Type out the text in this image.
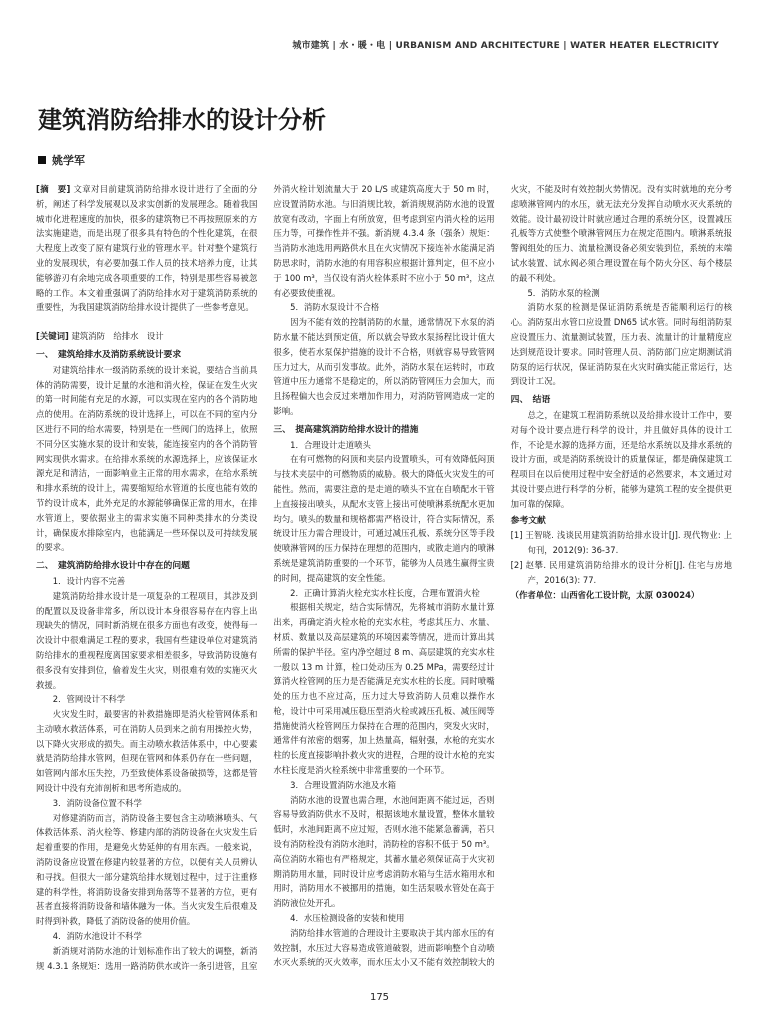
城市建筑 | 水・暖・电 | URBANISM AND ARCHITECTURE | WATER HEATER ELECTRICITY
建筑消防给排水的设计分析
姚学军

[摘　要] 文章对目前建筑消防给排水设计进行了全面的分析，阐述了科学发展观以及求实创新的发展理念。随着我国城市化进程速度的加快，很多的建筑物已不再按照原来的方法实施建造，而是出现了很多具有特色的个性化建筑，在很大程度上改变了原有建筑行业的管理水平。针对整个建筑行业的发展现状，有必要加强工作人员的技术培养力度，让其能够游刃有余地完成各项重要的工作，特别是那些容易被忽略的工作。本文着重强调了消防给排水对于建筑消防系统的重要性，为我国建筑消防给排水设计提供了一些参考意见。

[关键词] 建筑消防　给排水　设计

一、　建筑给排水及消防系统设计要求

对建筑给排水一级消防系统的设计来说，要结合当前具体的消防需要，设计足量的水池和消火栓，保证在发生火灾的第一时间能有充足的水源，可以实现在室内的各个消防地点的使用。在消防系统的设计选择上，可以在不同的室内分区进行不同的给水需要，特别是在一些阀门的选择上，依照不同分区实施水泵的设计和安装，能连接室内的各个消防管网实现供水需求。在给排水系统的水源选择上，应该保证水源充足和清洁，一面影响业主正常的用水需求，在给水系统和排水系统的设计上，需要缩短给水管道的长度也能有效的节约设计成本，此外充足的水源能够确保正常的用水，在排水管道上，要依据业主的需求实施不同种类排水的分类设计，确保废水排除室内，也能满足一些环保以及可持续发展的要求。

二、　建筑消防给排水设计中存在的问题
1．设计内容不完善

建筑消防给排水设计是一项复杂的工程项目，其涉及到的配置以及设备非常多，所以设计本身很容易存在内容上出现缺失的情况，同时新消规在很多方面也有改变，使得每一次设计中很难满足工程的要求，我国有些建设单位对建筑消防给排水的重视程度离国家要求相差很多，导致消防设施有很多没有安排到位，偷着发生火灾，则很难有效的实施灭火救援。

2．管网设计不科学

火灾发生时，最要害的补救措施即是消火栓管网体系和主动喷水救活体系，可在消防人员到来之前有用操控火势，以下降火灾形成的损失。而主动喷水救活体系中，中心要素就是消防给排水管网，但现在管网和体系仍存在一些问题，如管网内部水压失控，乃至致使体系设备破损等，这都是管网设计中没有充沛剖析和思考所造成的。

3．消防设备位置不科学

对修建消防而言，消防设备主要包含主动喷淋喷头、气体救活体系、消火栓等、修建内部的消防设备在火灾发生后起着重要的作用，是避免火势延伸的有用东西。一般来说，消防设备应设置在修建内较显著的方位，以便有关人员辨认和寻找。但很大一部分建筑给排水规划过程中，过于注重修建的科学性，将消防设备安排到角落等不显著的方位，更有甚者直接将消防设备和墙体融为一体。当火灾发生后很难及时得到补救，降低了消防设备的使用价值。

4．消防水池设计不科学

新消规对消防水池的计划标准作出了较大的调整，新消规 4.3.1 条规矩：选用一路消防供水或许一条引进管，且室外消火栓计划流量大于 20 L/S 或建筑高度大于 50 m 时，应设置消防水池。与旧消规比较，新消规规消防水池的设置放宽有改动，字面上有所放宽，但考虑到室内消火栓的运用压力等，可操作性并不强。新消规 4.3.4 条（强条）规矩：当消防水池选用两路供水且在火灾情况下接连补水能满足消防思求时，消防水池的有用容积应根据计算判定，但不应小于 100 m³，当仅设有消火栓体系时不应小于 50 m³，这点有必要致使重视。

5．消防水泵设计不合格

因为不能有效的控制消防的水量，通常情况下水泵的消防水量不能达到预定值，所以就会导致水泵扬程比设计值大很多，使若水泵保护措施的设计不合格，则就容易导致管网压力过大，从而引发事故。此外，消防水泵在运转时，市政管道中压力通常不是稳定的，所以消防管网压力会加大，而且扬程偏大也会反过来增加作用力，对消防管网造成一定的影响。

三、　提高建筑消防给排水设计的措施
1．合理设计走道喷头

在有可燃物的闷顶和夹层内设置喷头，可有效降低闷顶与技术夹层中的可燃物质的威胁。极大的降低火灾发生的可能性。然而，需要注意的是走道的喷头不宜在自喷配水干管上直接接出喷头，从配水支管上接出可使喷淋系统配水更加均匀。喷头的数量和规格都需严格设计，符合实际情况，系统设计压力需合理设计，可通过减压孔板、系统分区等手段使喷淋管网的压力保持在理想的范围内，或散走道内的喷淋系统是建筑消防重要的一个环节，能够为人员逃生赢得宝贵的时间，提高建筑的安全性能。

2．正确计算消火栓充实水柱长度，合理布置消火栓

根据相关规定，结合实际情况，先将城市消防水量计算出来，再确定消火栓水枪的充实水柱，考虑其压力、水量、材质、数量以及高层建筑的环境因素等情况，进而计算出其所需的保护半径。室内净空超过 8 m、高层建筑的充实水柱一般以 13 m 计算，栓口处动压为 0.25 MPa，需要经过计算消火栓管网的压力是否能满足充实水柱的长度。同时喷嘴处的压力也不应过高，压力过大导致消防人员难以操作水枪，设计中可采用减压稳压型消火栓或减压孔板、减压阀等措施使消火栓管网压力保持在合理的范围内，突发火灾时，通常伴有浓密的烟雾，加上热量高，辐射强，水枪的充实水柱的长度直接影响扑救火灾的进程，合理的设计水枪的充实水柱长度是消火栓系统中非常重要的一个环节。

3．合理设置消防水池及水箱

消防水池的设置也需合理，水池间距离不能过远，否则容易导致消防供水不及时，根据该地水量设置，整体水量较低时，水池间距离不应过短，否则水池不能紧急蓄满，若只设有消防栓没有消防水池时，消防栓的容积不低于 50 m³。高位消防水箱也有严格规定，其蓄水量必须保证高于火灾初期消防用水量，同时设计应考虑消防水箱与生活水箱用水和用时，消防用水不被挪用的措施，如生活泵吸水管处在高于消防液位处开孔。

4．水压检测设备的安装和使用

消防给排水管道的合理设计主要取决于其内部水压的有效控制，水压过大容易造成管道破裂，进而影响整个自动喷水灭火系统的灭火效率，而水压太小又不能有效控制较大的火灾，不能及时有效控制火势情况。没有实时就地的充分考虑喷淋管网内的水压，就无法充分发挥自动喷水灭火系统的效能。设计最初设计时就应通过合理的系统分区，设置减压孔板等方式使整个喷淋管网压力在规定范围内。喷淋系统报警阀组处的压力、流量检测设备必须安装到位，系统的末端试水装置、试水阀必须合理设置在每个防火分区、每个楼层的最不利处。

5．消防水泵的检测

消防水泵的检测是保证消防系统是否能顺利运行的核心。消防泵出水管口应设置 DN65 试水管。同时每组消防泵应设置压力、流量测试装置，压力表、流量计的计量精度应达到规范设计要求。同时管理人员、消防部门应定期测试消防泵的运行状况，保证消防泵在火灾时确实能正常运行，达到设计工况。

四、　结语

总之，在建筑工程消防系统以及给排水设计工作中，要对每个设计要点进行科学的设计，并且做好具体的设计工作，不论是水源的选择方面，还是给水系统以及排水系统的设计方面，或是消防系统设计的质量保证，都是确保建筑工程项目在以后使用过程中安全舒适的必然要求，本文通过对其设计要点进行科学的分析，能够为建筑工程的安全提供更加可靠的保障。

参考文献

[1] 王智晓. 浅谈民用建筑消防给排水设计[J]. 现代物业: 上旬刊，2012(9): 36-37.

[2] 赵攀. 民用建筑消防给排水的设计分析[J]. 住宅与房地产，2016(3): 77.

（作者单位：山西省化工设计院，太原 030024）

175
